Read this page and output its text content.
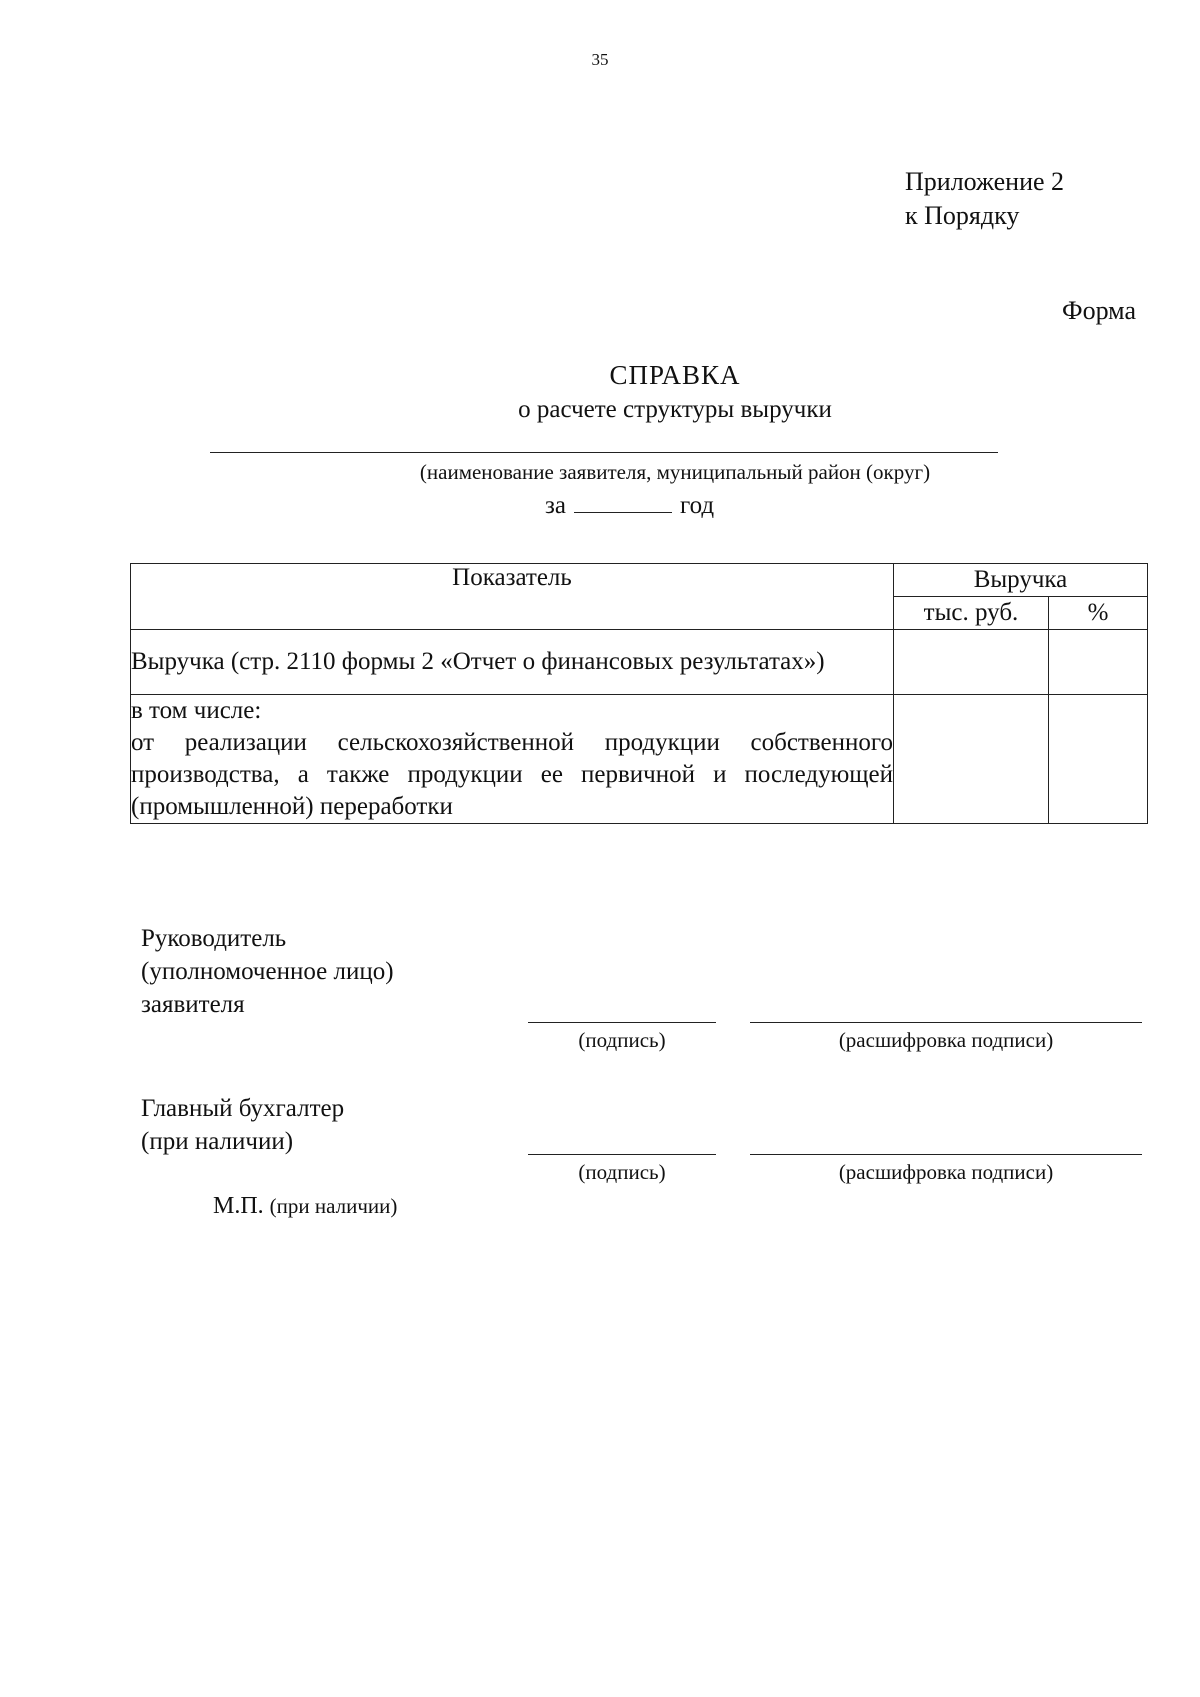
35
Приложение 2
к Порядку
Форма
СПРАВКА
о расчете структуры выручки
(наименование заявителя, муниципальный район (округ)
за	год
Показатель	Выручка	
	тыс. руб.	%
Выручка (стр. 2110 формы 2 «Отчет о финансовых результатах»)		

в том числе:
от реализации сельскохозяйственной продукции собственного производства, а также продукции ее первичной и последующей (промышленной) переработки		

Руководитель
(уполномоченное лицо)
заявителя
(подпись)	(расшифровка подписи)
Главный бухгалтер
(при наличии)
(подпись)	(расшифровка подписи)
М.П. (при наличии)
